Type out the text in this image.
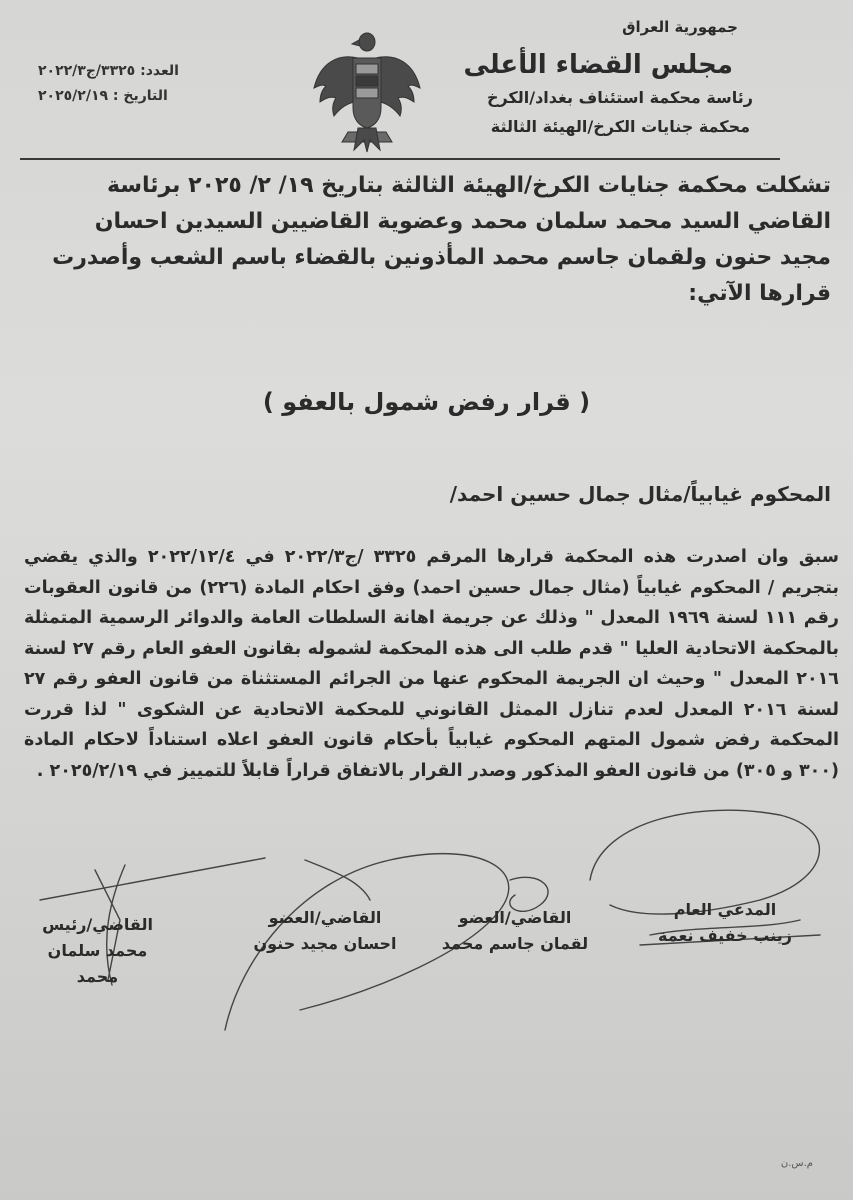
جمهورية العراق
مجلس القضاء الأعلى
رئاسة محكمة استئناف بغداد/الكرخ
محكمة جنايات الكرخ/الهيئة الثالثة
العدد: ٣٣٢٥/ج٢٠٢٢/٣
التاريخ : ٢٠٢٥/٢/١٩
تشكلت محكمة جنايات الكرخ/الهيئة الثالثة بتاريخ ١٩/ ٢/ ٢٠٢٥ برئاسة القاضي السيد محمد سلمان محمد وعضوية القاضيين السيدين احسان مجيد حنون ولقمان جاسم محمد المأذونين بالقضاء باسم الشعب وأصدرت قرارها الآتي:
( قرار رفض شمول بالعفو )
المحكوم غيابياً/مثال جمال حسين احمد/
سبق وان اصدرت هذه المحكمة قرارها المرقم ٣٣٢٥ /ج٢٠٢٢/٣ في ٢٠٢٢/١٢/٤ والذي يقضي بتجريم / المحكوم غيابياً (مثال جمال حسين احمد) وفق احكام المادة (٢٢٦) من قانون العقوبات رقم ١١١ لسنة ١٩٦٩ المعدل " وذلك عن جريمة اهانة السلطات العامة والدوائر الرسمية المتمثلة بالمحكمة الاتحادية العليا " قدم طلب الى هذه المحكمة لشموله بقانون العفو العام رقم ٢٧ لسنة ٢٠١٦ المعدل " وحيث ان الجريمة المحكوم عنها من الجرائم المستثناة من قانون العفو رقم ٢٧ لسنة ٢٠١٦ المعدل لعدم تنازل الممثل القانوني للمحكمة الاتحادية عن الشكوى " لذا قررت المحكمة رفض شمول المتهم المحكوم غيابياً بأحكام قانون العفو اعلاه استناداً لاحكام المادة (٣٠٠ و ٣٠٥) من قانون العفو المذكور وصدر القرار بالاتفاق قراراً قابلاً للتمييز في ٢٠٢٥/٢/١٩ .
القاضي/رئيس
محمد سلمان محمد
القاضي/العضو
احسان مجيد حنون
القاضي/العضو
لقمان جاسم محمد
المدعي العام
زينب خفيف نعمة
م.س.ن
